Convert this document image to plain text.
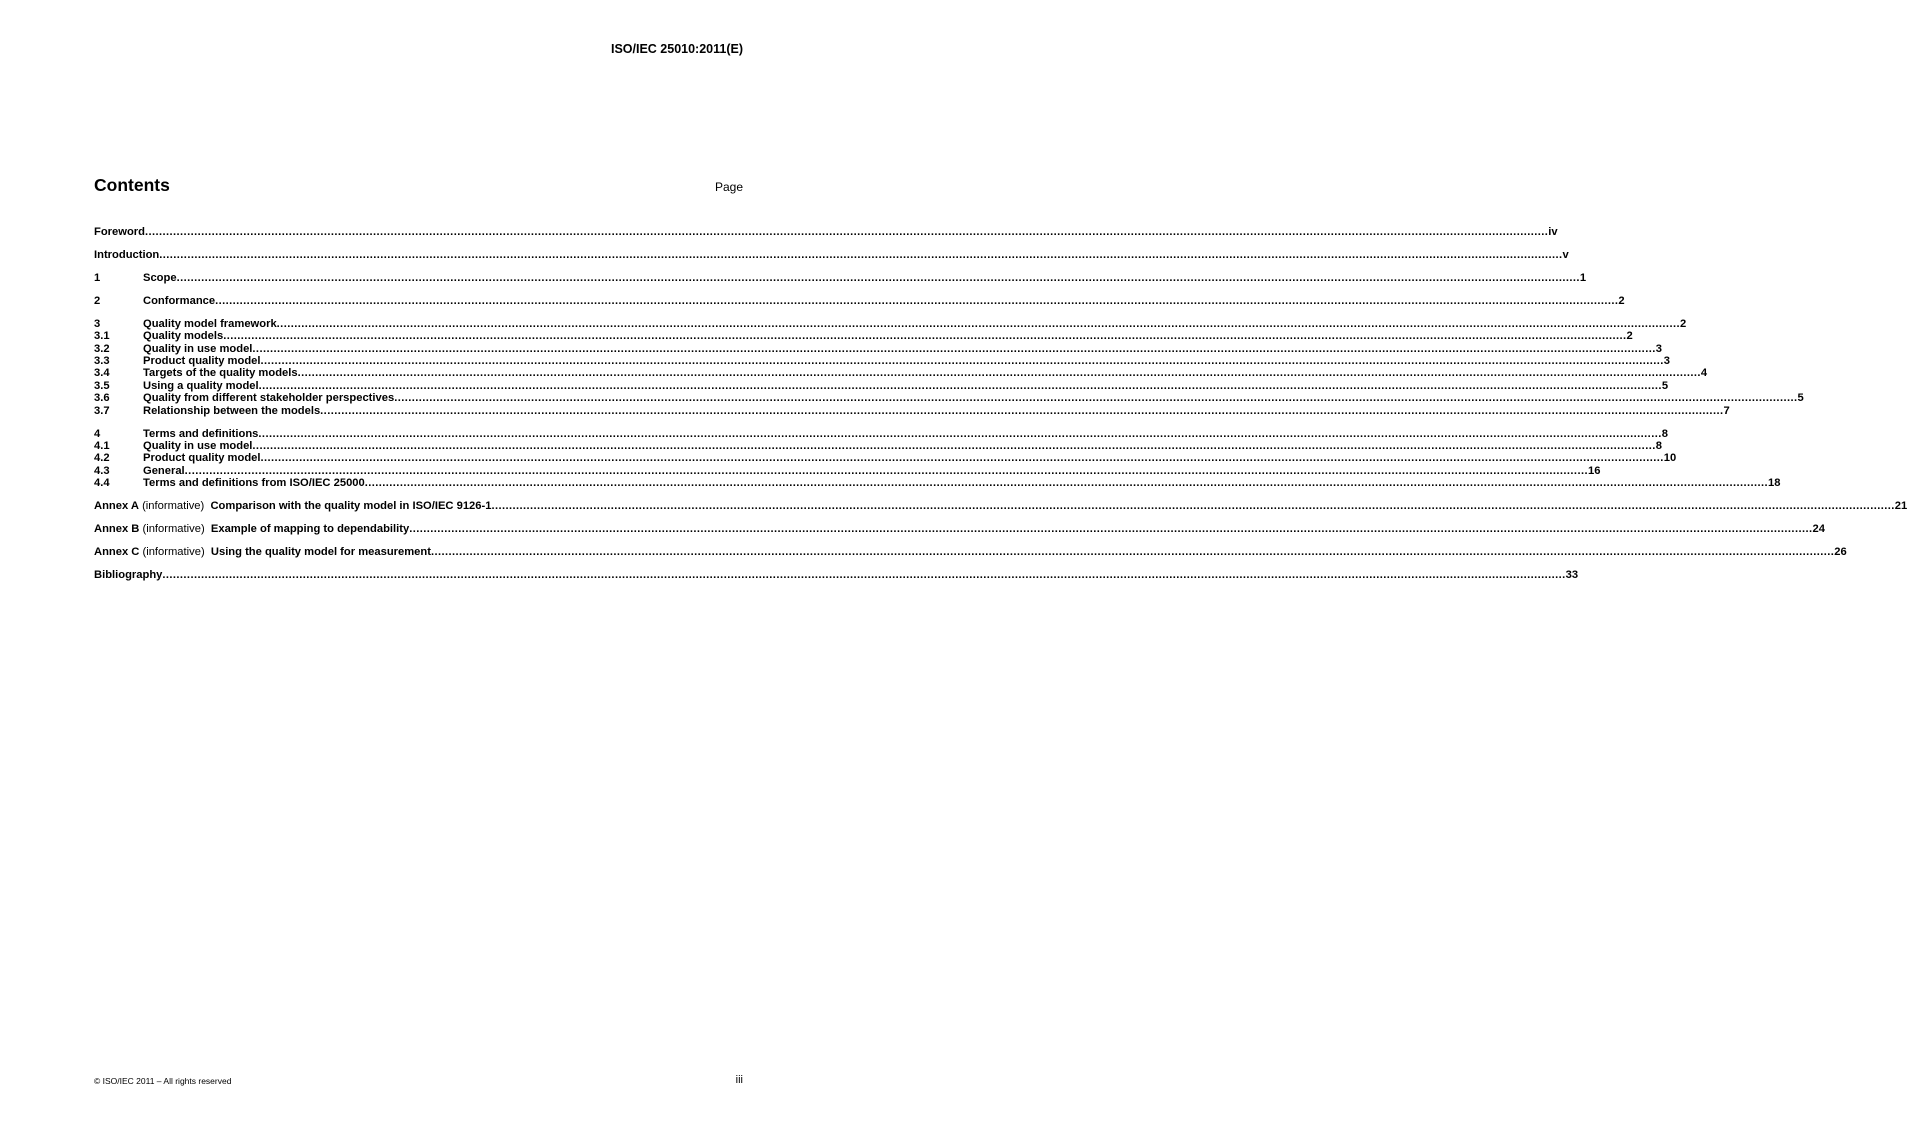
ISO/IEC 25010:2011(E)
Contents	Page
Foreword ................................................................................................................................................................................................................................................................................................................................................................................................................ iv
Introduction ................................................................................................................................................................................................................................................................................................................................................................................................................ v
1	Scope ................................................................................................................................................................................................................................................................................................................................................................................................................ 1
2	Conformance ................................................................................................................................................................................................................................................................................................................................................................................................................ 2
3	Quality model framework ................................................................................................................................................................................................................................................................................................................................................................................................................ 2
3.1	Quality models ................................................................................................................................................................................................................................................................................................................................................................................................................ 2
3.2	Quality in use model ................................................................................................................................................................................................................................................................................................................................................................................................................ 3
3.3	Product quality model ................................................................................................................................................................................................................................................................................................................................................................................................................ 3
3.4	Targets of the quality models ................................................................................................................................................................................................................................................................................................................................................................................................................ 4
3.5	Using a quality model ................................................................................................................................................................................................................................................................................................................................................................................................................ 5
3.6	Quality from different stakeholder perspectives ................................................................................................................................................................................................................................................................................................................................................................................................................ 5
3.7	Relationship between the models ................................................................................................................................................................................................................................................................................................................................................................................................................ 7
4	Terms and definitions ................................................................................................................................................................................................................................................................................................................................................................................................................ 8
4.1	Quality in use model ................................................................................................................................................................................................................................................................................................................................................................................................................ 8
4.2	Product quality model ................................................................................................................................................................................................................................................................................................................................................................................................................ 10
4.3	General ................................................................................................................................................................................................................................................................................................................................................................................................................ 16
4.4	Terms and definitions from ISO/IEC 25000 ................................................................................................................................................................................................................................................................................................................................................................................................................ 18
Annex A (informative)  Comparison with the quality model in ISO/IEC 9126-1 ................................................................................................................................................................................................................................................................................................................................................................................................................ 21
Annex B (informative)  Example of mapping to dependability ................................................................................................................................................................................................................................................................................................................................................................................................................ 24
Annex C (informative)  Using the quality model for measurement ................................................................................................................................................................................................................................................................................................................................................................................................................ 26
Bibliography ................................................................................................................................................................................................................................................................................................................................................................................................................ 33
© ISO/IEC 2011 – All rights reserved	iii
